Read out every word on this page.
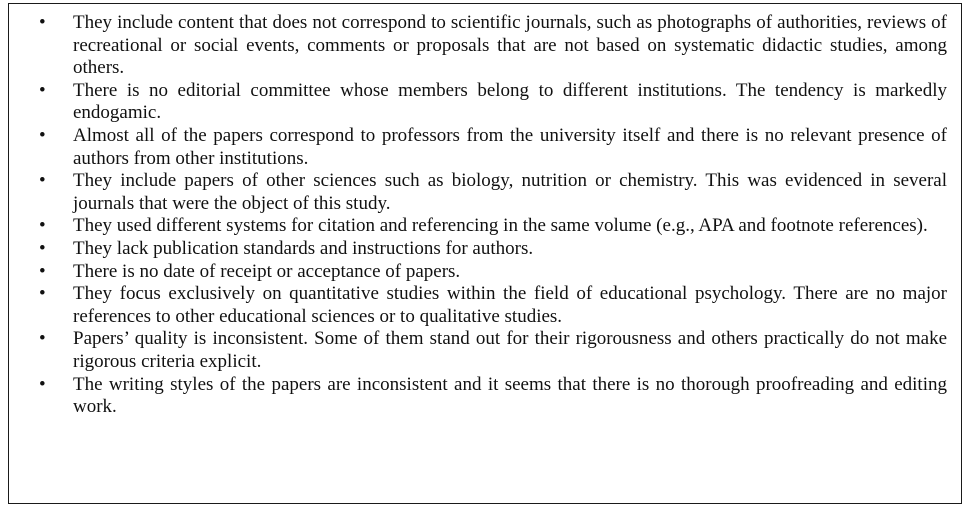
• They include content that does not correspond to scientific journals, such as photographs of authorities, reviews of recreational or social events, comments or proposals that are not based on systematic didactic studies, among others.
• There is no editorial committee whose members belong to different institutions. The tendency is markedly endogamic.
• Almost all of the papers correspond to professors from the university itself and there is no relevant presence of authors from other institutions.
• They include papers of other sciences such as biology, nutrition or chemistry. This was evidenced in several journals that were the object of this study.
• They used different systems for citation and referencing in the same volume (e.g., APA and footnote references).
• They lack publication standards and instructions for authors.
• There is no date of receipt or acceptance of papers.
• They focus exclusively on quantitative studies within the field of educational psychology. There are no major references to other educational sciences or to qualitative studies.
• Papers’ quality is inconsistent. Some of them stand out for their rigorousness and others practically do not make rigorous criteria explicit.
• The writing styles of the papers are inconsistent and it seems that there is no thorough proofreading and editing work.
